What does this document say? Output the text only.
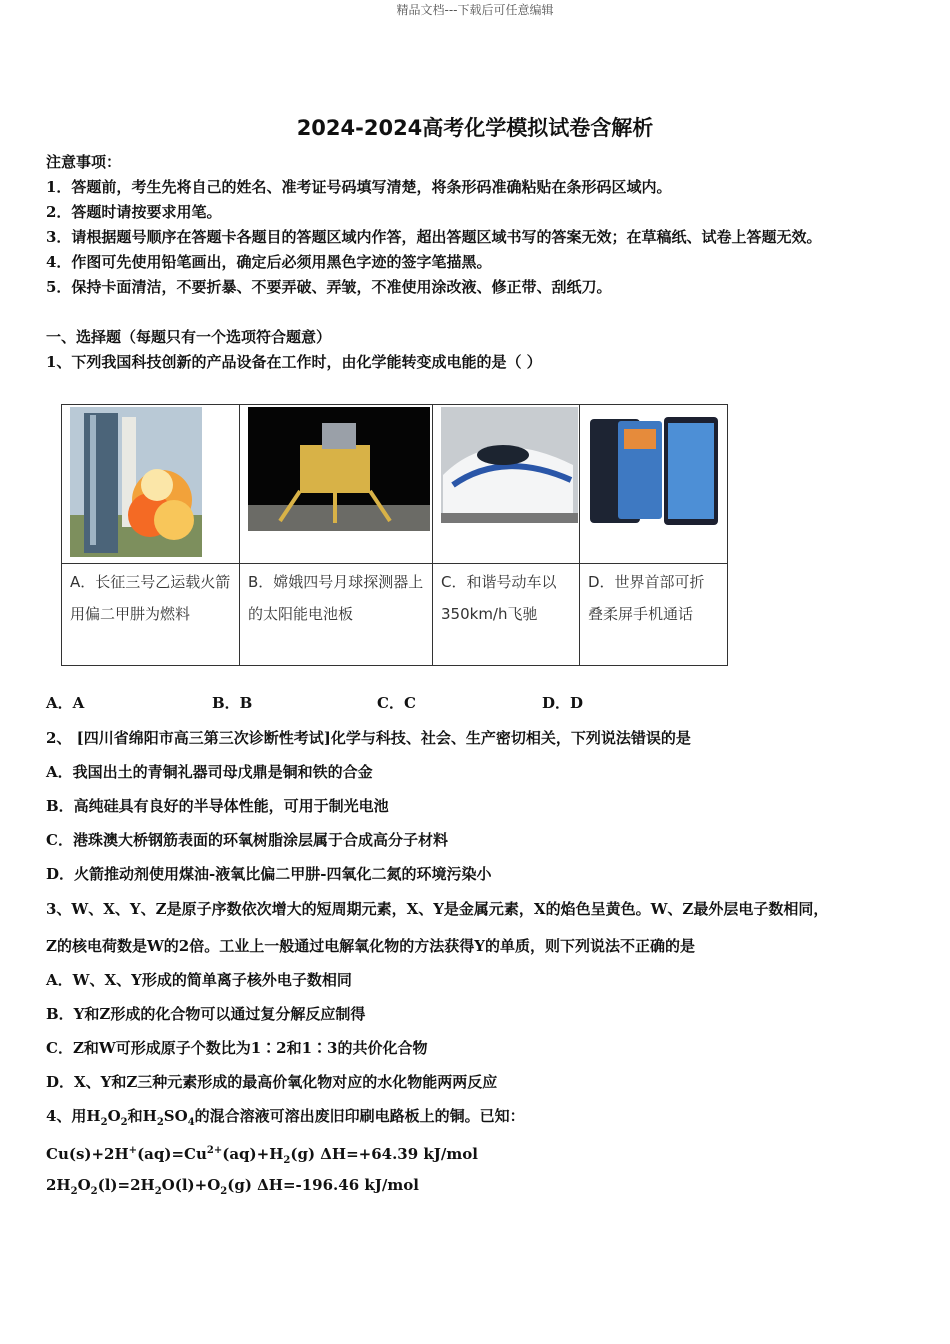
精品文档---下载后可任意编辑
2024-2024高考化学模拟试卷含解析
注意事项：
1．答题前，考生先将自己的姓名、准考证号码填写清楚，将条形码准确粘贴在条形码区域内。
2．答题时请按要求用笔。
3．请根据题号顺序在答题卡各题目的答题区域内作答，超出答题区域书写的答案无效；在草稿纸、试卷上答题无效。
4．作图可先使用铅笔画出，确定后必须用黑色字迹的签字笔描黑。
5．保持卡面清洁，不要折暴、不要弄破、弄皱，不准使用涂改液、修正带、刮纸刀。
一、选择题（每题只有一个选项符合题意）
1、下列我国科技创新的产品设备在工作时，由化学能转变成电能的是（ ）

A．长征三号乙运载火箭用偏二甲肼为燃料	B．嫦娥四号月球探测器上的太阳能电池板	C．和谐号动车以350km/h飞驰	D．世界首部可折叠柔屏手机通话
A．A	B．B	C．C	D．D
2、 [四川省绵阳市高三第三次诊断性考试]化学与科技、社会、生产密切相关，下列说法错误的是
A．我国出土的青铜礼器司母戊鼎是铜和铁的合金
B．高纯硅具有良好的半导体性能，可用于制光电池
C．港珠澳大桥钢筋表面的环氧树脂涂层属于合成高分子材料
D．火箭推动剂使用煤油-液氧比偏二甲肼-四氧化二氮的环境污染小
3、W、X、Y、Z是原子序数依次增大的短周期元素，X、Y是金属元素，X的焰色呈黄色。W、Z最外层电子数相同，
Z的核电荷数是W的2倍。工业上一般通过电解氧化物的方法获得Y的单质，则下列说法不正确的是
A．W、X、Y形成的简单离子核外电子数相同
B．Y和Z形成的化合物可以通过复分解反应制得
C．Z和W可形成原子个数比为1∶2和1∶3的共价化合物
D．X、Y和Z三种元素形成的最高价氧化物对应的水化物能两两反应
4、用$H_2O_2$和$H_2SO_4$的混合溶液可溶出废旧印刷电路板上的铜。已知：
$Cu(s)+2H^+(aq)=Cu^{2+}(aq)+H_2(g)$ ΔH=+64.39 kJ/mol
$2H_2O_2(l)=2H_2O(l)+O_2(g)$ ΔH=-196.46 kJ/mol
